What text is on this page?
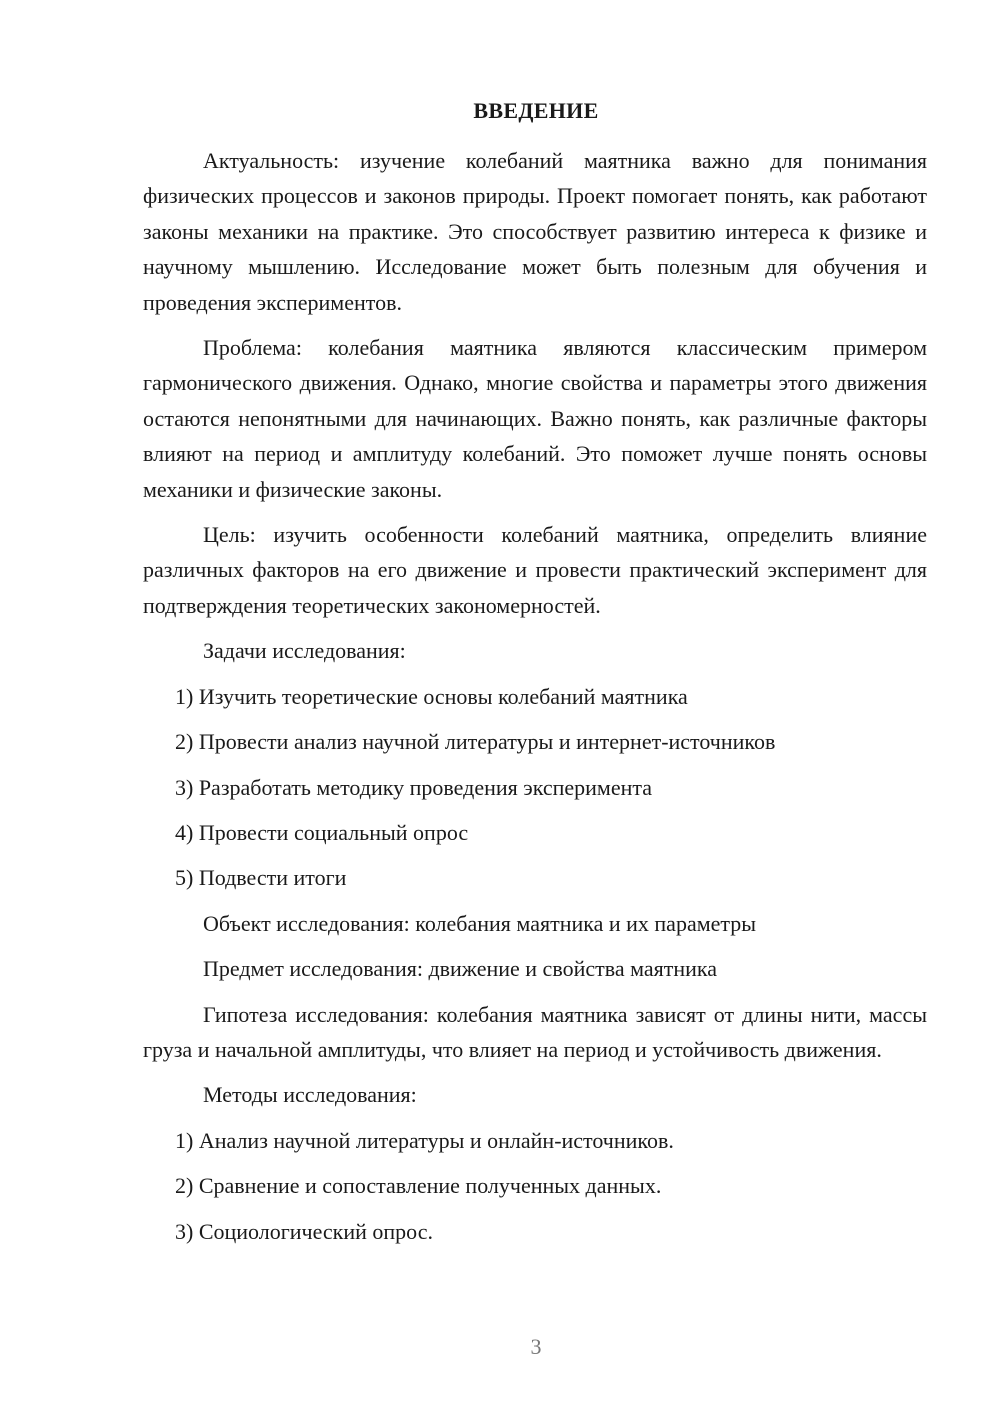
ВВЕДЕНИЕ

Актуальность: изучение колебаний маятника важно для понимания физических процессов и законов природы. Проект помогает понять, как работают законы механики на практике. Это способствует развитию интереса к физике и научному мышлению. Исследование может быть полезным для обучения и проведения экспериментов.

Проблема: колебания маятника являются классическим примером гармонического движения. Однако, многие свойства и параметры этого движения остаются непонятными для начинающих. Важно понять, как различные факторы влияют на период и амплитуду колебаний. Это поможет лучше понять основы механики и физические законы.

Цель: изучить особенности колебаний маятника, определить влияние различных факторов на его движение и провести практический эксперимент для подтверждения теоретических закономерностей.

Задачи исследования:

1) Изучить теоретические основы колебаний маятника

2) Провести анализ научной литературы и интернет-источников

3) Разработать методику проведения эксперимента

4) Провести социальный опрос

5) Подвести итоги

Объект исследования: колебания маятника и их параметры

Предмет исследования: движение и свойства маятника

Гипотеза исследования: колебания маятника зависят от длины нити, массы груза и начальной амплитуды, что влияет на период и устойчивость движения.

Методы исследования:

1) Анализ научной литературы и онлайн-источников.

2) Сравнение и сопоставление полученных данных.

3) Социологический опрос.

3
